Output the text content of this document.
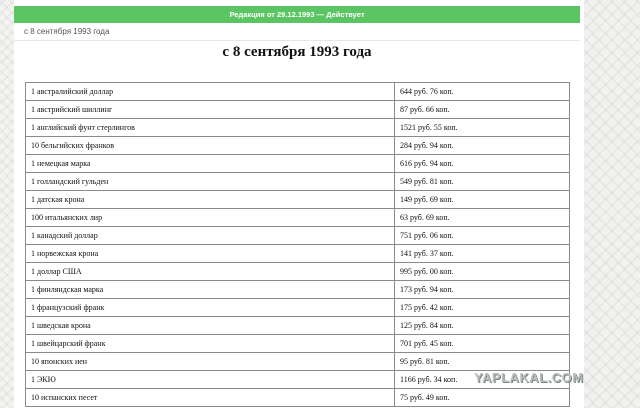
Редакция от 29.12.1993 — Действует
с 8 сентября 1993 года
с 8 сентября 1993 года
1 австралийский доллар	644 руб. 76 коп.
1 австрийский шиллинг	87 руб. 66 коп.
1 английский фунт стерлингов	1521 руб. 55 коп.
10 бельгийских франков	284 руб. 94 коп.
1 немецкая марка	616 руб. 94 коп.
1 голландский гульден	549 руб. 81 коп.
1 датская крона	149 руб. 69 коп.
100 итальянских лир	63 руб. 69 коп.
1 канадский доллар	751 руб. 06 коп.
1 норвежская крона	141 руб. 37 коп.
1 доллар США	995 руб. 00 коп.
1 финляндская марка	173 руб. 94 коп.
1 французский франк	175 руб. 42 коп.
1 шведская крона	125 руб. 84 коп.
1 швейцарский франк	701 руб. 45 коп.
10 японских иен	95 руб. 81 коп.
1 ЭКЮ	1166 руб. 34 коп.
10 испанских песет	75 руб. 49 коп.
YAPLAKAL.COM
